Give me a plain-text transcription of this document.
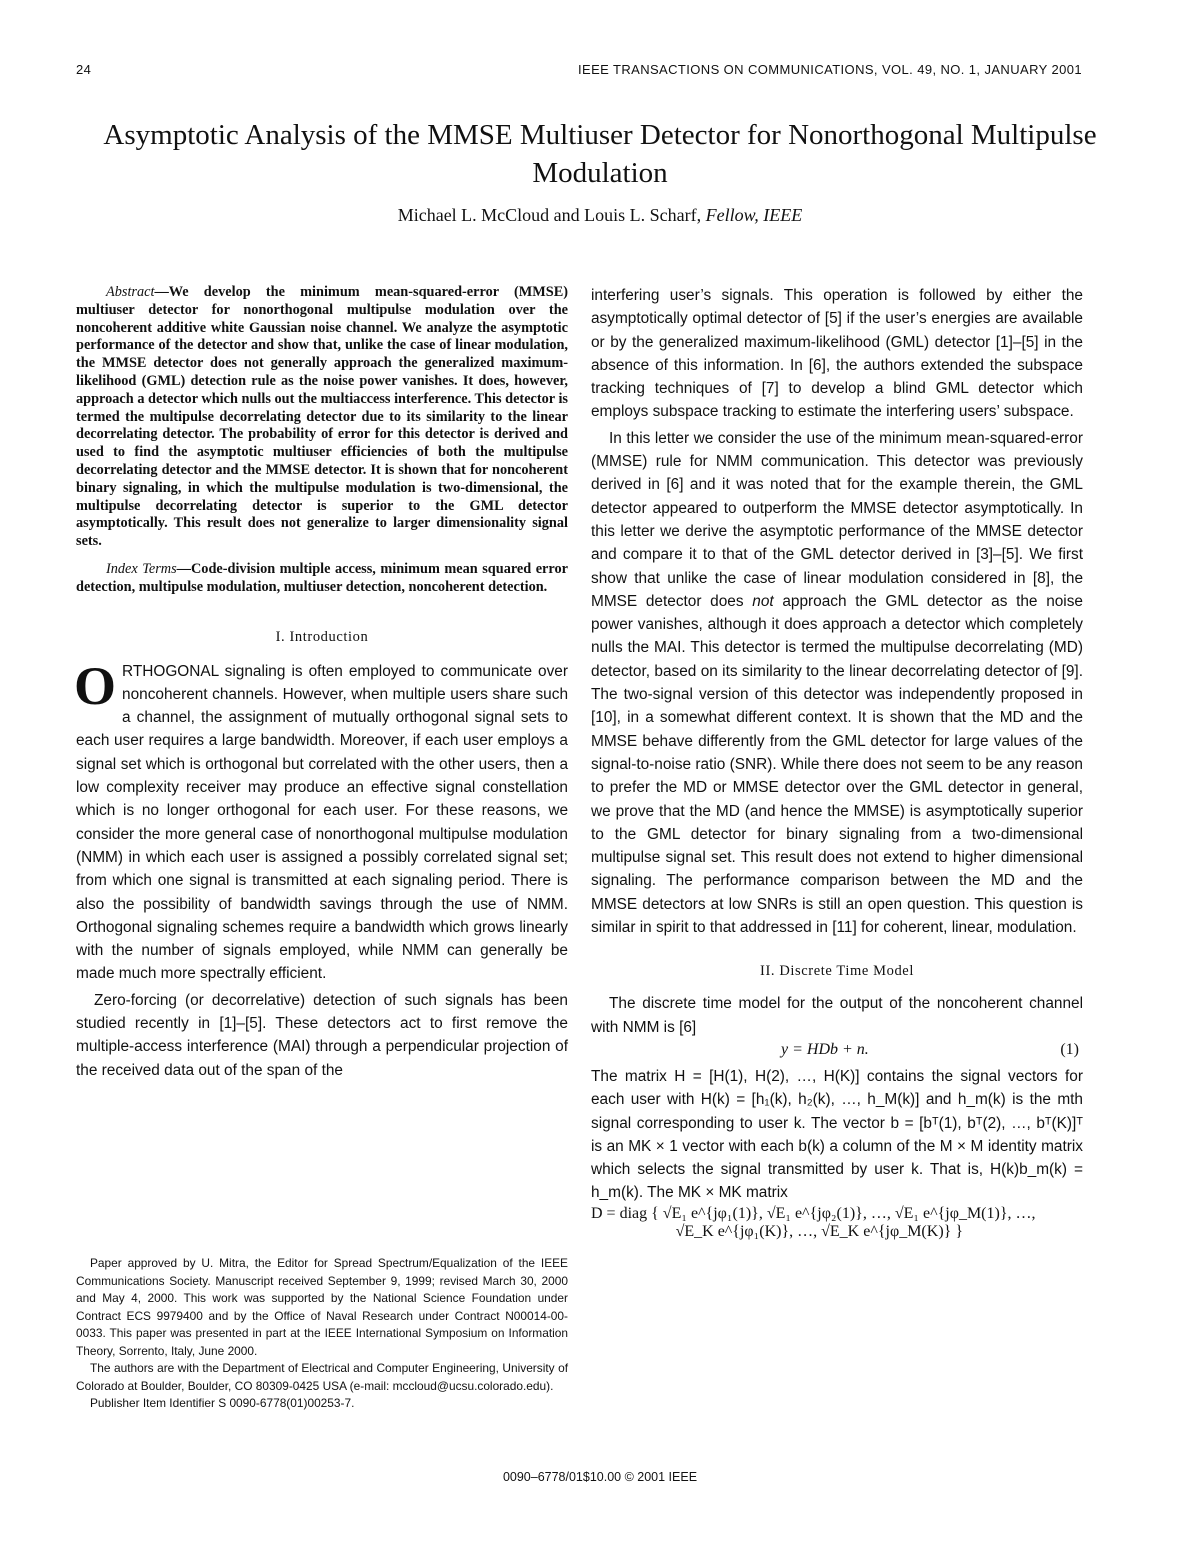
24	IEEE TRANSACTIONS ON COMMUNICATIONS, VOL. 49, NO. 1, JANUARY 2001
Asymptotic Analysis of the MMSE Multiuser Detector for Nonorthogonal Multipulse Modulation
Michael L. McCloud and Louis L. Scharf, Fellow, IEEE

Abstract—We develop the minimum mean-squared-error (MMSE) multiuser detector for nonorthogonal multipulse modulation over the noncoherent additive white Gaussian noise channel. We analyze the asymptotic performance of the detector and show that, unlike the case of linear modulation, the MMSE detector does not generally approach the generalized maximum-likelihood (GML) detection rule as the noise power vanishes. It does, however, approach a detector which nulls out the multiaccess interference. This detector is termed the multipulse decorrelating detector due to its similarity to the linear decorrelating detector. The probability of error for this detector is derived and used to find the asymptotic multiuser efficiencies of both the multipulse decorrelating detector and the MMSE detector. It is shown that for noncoherent binary signaling, in which the multipulse modulation is two-dimensional, the multipulse decorrelating detector is superior to the GML detector asymptotically. This result does not generalize to larger dimensionality signal sets.

Index Terms—Code-division multiple access, minimum mean squared error detection, multipulse modulation, multiuser detection, noncoherent detection.

I. Introduction

ORTHOGONAL signaling is often employed to communicate over noncoherent channels. However, when multiple users share such a channel, the assignment of mutually orthogonal signal sets to each user requires a large bandwidth. Moreover, if each user employs a signal set which is orthogonal but correlated with the other users, then a low complexity receiver may produce an effective signal constellation which is no longer orthogonal for each user. For these reasons, we consider the more general case of nonorthogonal multipulse modulation (NMM) in which each user is assigned a possibly correlated signal set; from which one signal is transmitted at each signaling period. There is also the possibility of bandwidth savings through the use of NMM. Orthogonal signaling schemes require a bandwidth which grows linearly with the number of signals employed, while NMM can generally be made much more spectrally efficient.

Zero-forcing (or decorrelative) detection of such signals has been studied recently in [1]–[5]. These detectors act to first remove the multiple-access interference (MAI) through a perpendicular projection of the received data out of the span of the

interfering user’s signals. This operation is followed by either the asymptotically optimal detector of [5] if the user’s energies are available or by the generalized maximum-likelihood (GML) detector [1]–[5] in the absence of this information. In [6], the authors extended the subspace tracking techniques of [7] to develop a blind GML detector which employs subspace tracking to estimate the interfering users’ subspace.

In this letter we consider the use of the minimum mean-squared-error (MMSE) rule for NMM communication. This detector was previously derived in [6] and it was noted that for the example therein, the GML detector appeared to outperform the MMSE detector asymptotically. In this letter we derive the asymptotic performance of the MMSE detector and compare it to that of the GML detector derived in [3]–[5]. We first show that unlike the case of linear modulation considered in [8], the MMSE detector does not approach the GML detector as the noise power vanishes, although it does approach a detector which completely nulls the MAI. This detector is termed the multipulse decorrelating (MD) detector, based on its similarity to the linear decorrelating detector of [9]. The two-signal version of this detector was independently proposed in [10], in a somewhat different context. It is shown that the MD and the MMSE behave differently from the GML detector for large values of the signal-to-noise ratio (SNR). While there does not seem to be any reason to prefer the MD or MMSE detector over the GML detector in general, we prove that the MD (and hence the MMSE) is asymptotically superior to the GML detector for binary signaling from a two-dimensional multipulse signal set. This result does not extend to higher dimensional signaling. The performance comparison between the MD and the MMSE detectors at low SNRs is still an open question. This question is similar in spirit to that addressed in [11] for coherent, linear, modulation.

II. Discrete Time Model

The discrete time model for the output of the noncoherent channel with NMM is [6]

y = HDb + n.	(1)

The matrix H = [H(1), H(2), …, H(K)] contains the signal vectors for each user with H(k) = [h₁(k), h₂(k), …, h_M(k)] and h_m(k) is the mth signal corresponding to user k. The vector b = [bᵀ(1), bᵀ(2), …, bᵀ(K)]ᵀ is an MK × 1 vector with each b(k) a column of the M × M identity matrix which selects the signal transmitted by user k. That is, H(k)b_m(k) = h_m(k). The MK × MK matrix

D = diag { √E₁ e^{jφ₁(1)}, √E₁ e^{jφ₂(1)}, …, √E₁ e^{jφ_M(1)}, …,

√E_K e^{jφ₁(K)}, …, √E_K e^{jφ_M(K)} }

Paper approved by U. Mitra, the Editor for Spread Spectrum/Equalization of the IEEE Communications Society. Manuscript received September 9, 1999; revised March 30, 2000 and May 4, 2000. This work was supported by the National Science Foundation under Contract ECS 9979400 and by the Office of Naval Research under Contract N00014-00-0033. This paper was presented in part at the IEEE International Symposium on Information Theory, Sorrento, Italy, June 2000.

The authors are with the Department of Electrical and Computer Engineering, University of Colorado at Boulder, Boulder, CO 80309-0425 USA (e-mail: mccloud@ucsu.colorado.edu).

Publisher Item Identifier S 0090-6778(01)00253-7.

0090–6778/01$10.00 © 2001 IEEE
